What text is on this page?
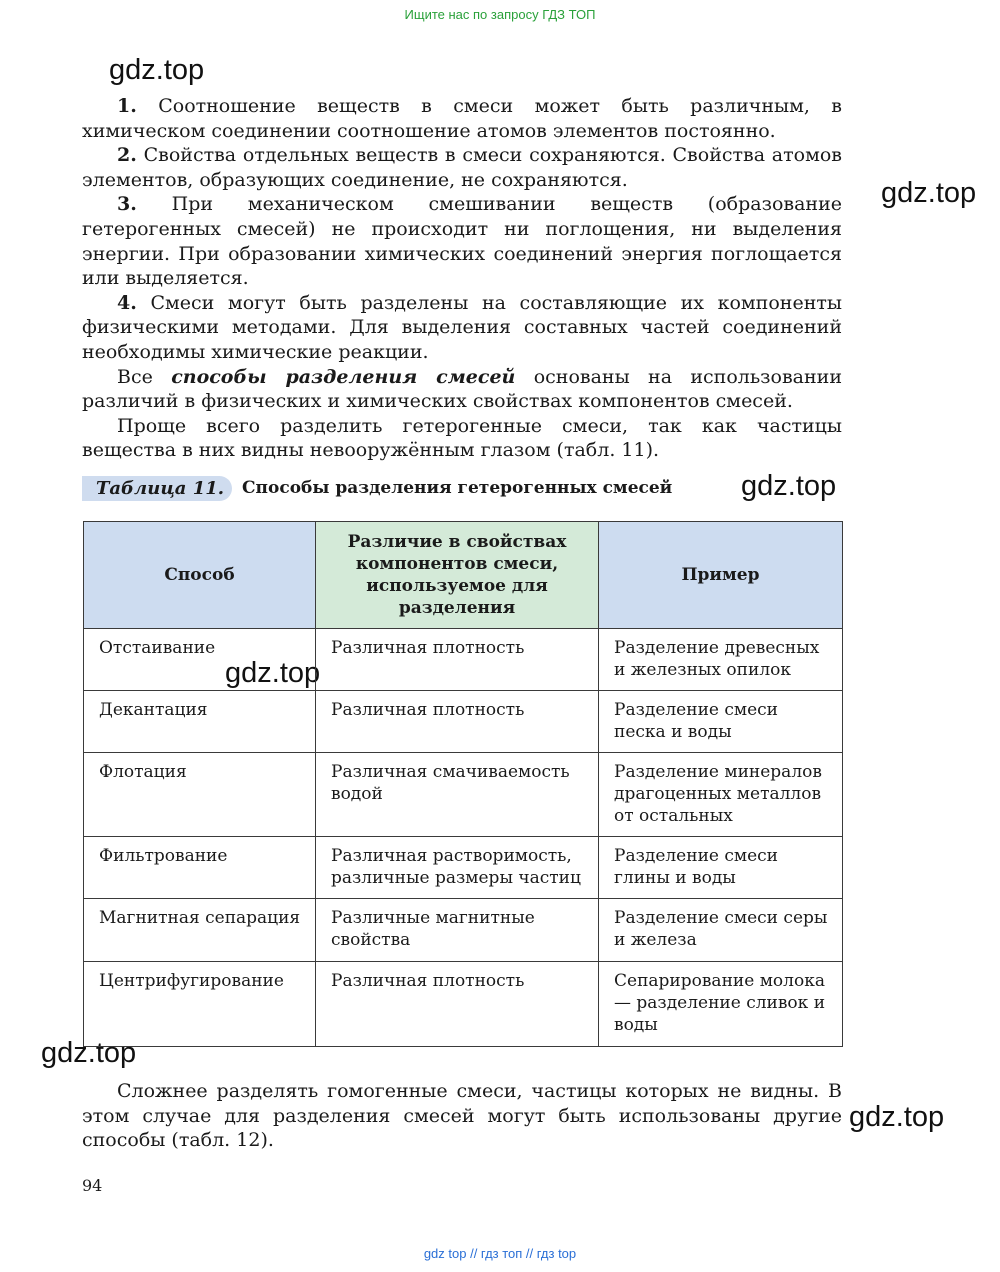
Ищите нас по запросу ГДЗ ТОП
gdz.top
gdz.top
gdz.top
gdz.top
gdz.top
gdz.top

1. Соотношение веществ в смеси может быть различным, в химическом соединении соотношение атомов элементов постоянно.

2. Свойства отдельных веществ в смеси сохраняются. Свойства атомов элементов, образующих соединение, не сохраняются.

3. При механическом смешивании веществ (образование гетерогенных смесей) не происходит ни поглощения, ни выделения энергии. При образовании химических соединений энергия поглощается или выделяется.

4. Смеси могут быть разделены на составляющие их компоненты физическими методами. Для выделения составных частей соединений необходимы химические реакции.

Все способы разделения смесей основаны на использовании различий в физических и химических свойствах компонентов смесей.

Проще всего разделить гетерогенные смеси, так как частицы вещества в них видны невооружённым глазом (табл. 11).

Таблица 11.	Способы разделения гетерогенных смесей
Способ	Различие в свойствах компонентов смеси, используемое для разделения	Пример
Отстаивание	Различная плотность	Разделение древесных и железных опилок
Декантация	Различная плотность	Разделение смеси песка и воды
Флотация	Различная смачиваемость водой	Разделение минералов драгоценных металлов от остальных
Фильтрование	Различная растворимость, различные размеры частиц	Разделение смеси глины и воды
Магнитная сепарация	Различные магнитные свойства	Разделение смеси серы и железа
Центрифугирование	Различная плотность	Сепарирование молока — разделение сливок и воды

Сложнее разделять гомогенные смеси, частицы которых не видны. В этом случае для разделения смесей могут быть использованы другие способы (табл. 12).

94
gdz top // гдз топ // гдз top
